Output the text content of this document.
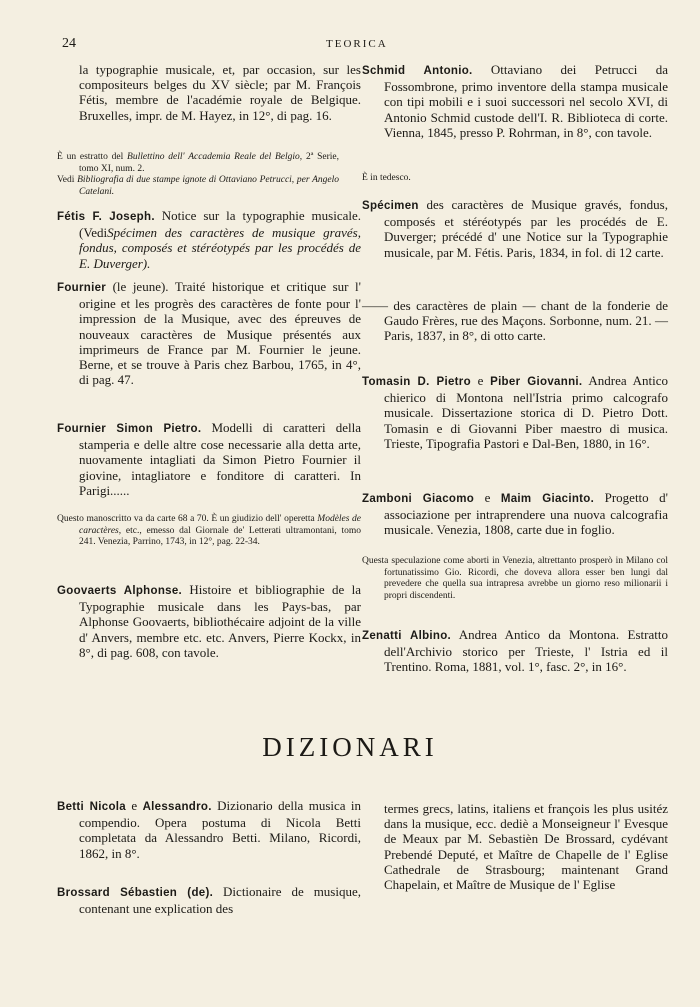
24	TEORICA
la typographie musicale, et, par occasion, sur les compositeurs belges du XV siècle; par M. François Fétis, membre de l'académie royale de Belgique. Bruxelles, impr. de M. Hayez, in 12°, di pag. 16.
È un estratto del Bullettino dell' Accademia Reale del Belgio, 2ª Serie, tomo XI, num. 2.
Vedi Bibliografia di due stampe ignote di Ottaviano Petrucci, per Angelo Catelani.
Fétis F. Joseph. Notice sur la typographie musicale. (VediSpécimen des caractères de musique gravés, fondus, composés et stéréotypés par les procédés de E. Duverger).
Fournier (le jeune). Traité historique et critique sur l' origine et les progrès des caractères de fonte pour l' impression de la Musique, avec des épreuves de nouveaux caractères de Musique présentés aux imprimeurs de France par M. Fournier le jeune. Berne, et se trouve à Paris chez Barbou, 1765, in 4°, di pag. 47.
Fournier Simon Pietro. Modelli di caratteri della stamperia e delle altre cose necessarie alla detta arte, nuovamente intagliati da Simon Pietro Fournier il giovine, intagliatore e fonditore di caratteri. In Parigi......
Questo manoscritto va da carte 68 a 70. È un giudizio dell' operetta Modèles de caractères, etc., emesso dal Giornale de' Letterati ultramontani, tomo 241. Venezia, Parrino, 1743, in 12°, pag. 22-34.
Goovaerts Alphonse. Histoire et bibliographie de la Typographie musicale dans les Pays-bas, par Alphonse Goovaerts, bibliothécaire adjoint de la ville d' Anvers, membre etc. etc. Anvers, Pierre Kockx, in 8°, di pag. 608, con tavole.
Schmid Antonio. Ottaviano dei Petrucci da Fossombrone, primo inventore della stampa musicale con tipi mobili e i suoi successori nel secolo XVI, di Antonio Schmid custode dell'I. R. Biblioteca di corte. Vienna, 1845, presso P. Rohrman, in 8°, con tavole.
È in tedesco.
Spécimen des caractères de Musique gravés, fondus, composés et stéréotypés par les procédés de E. Duverger; précédé d' une Notice sur la Typographie musicale, par M. Fétis. Paris, 1834, in fol. di 12 carte.
—— des caractères de plain — chant de la fonderie de Gaudo Frères, rue des Maçons. Sorbonne, num. 21. — Paris, 1837, in 8°, di otto carte.
Tomasin D. Pietro e Piber Giovanni. Andrea Antico chierico di Montona nell'Istria primo calcografo musicale. Dissertazione storica di D. Pietro Dott. Tomasin e di Giovanni Piber maestro di musica. Trieste, Tipografia Pastori e Dal-Ben, 1880, in 16°.
Zamboni Giacomo e Maim Giacinto. Progetto d' associazione per intraprendere una nuova calcografia musicale. Venezia, 1808, carte due in foglio.
Questa speculazione come aborti in Venezia, altrettanto prosperò in Milano col fortunatissimo Gio. Ricordi, che doveva allora esser ben lungi dal prevedere che quella sua intrapresa avrebbe un giorno reso milionarii i propri discendenti.
Zenatti Albino. Andrea Antico da Montona. Estratto dell'Archivio storico per Trieste, l' Istria ed il Trentino. Roma, 1881, vol. 1°, fasc. 2°, in 16°.
DIZIONARI
Betti Nicola e Alessandro. Dizionario della musica in compendio. Opera postuma di Nicola Betti completata da Alessandro Betti. Milano, Ricordi, 1862, in 8°.
Brossard Sébastien (de). Dictionaire de musique, contenant une explication des
termes grecs, latins, italiens et françois les plus usitéz dans la musique, ecc. dediè a Monseigneur l' Evesque de Meaux par M. Sebastièn De Brossard, cydévant Prebendé Deputé, et Maître de Chapelle de l' Eglise Cathedrale de Strasbourg; maintenant Grand Chapelain, et Maître de Musique de l' Eglise
